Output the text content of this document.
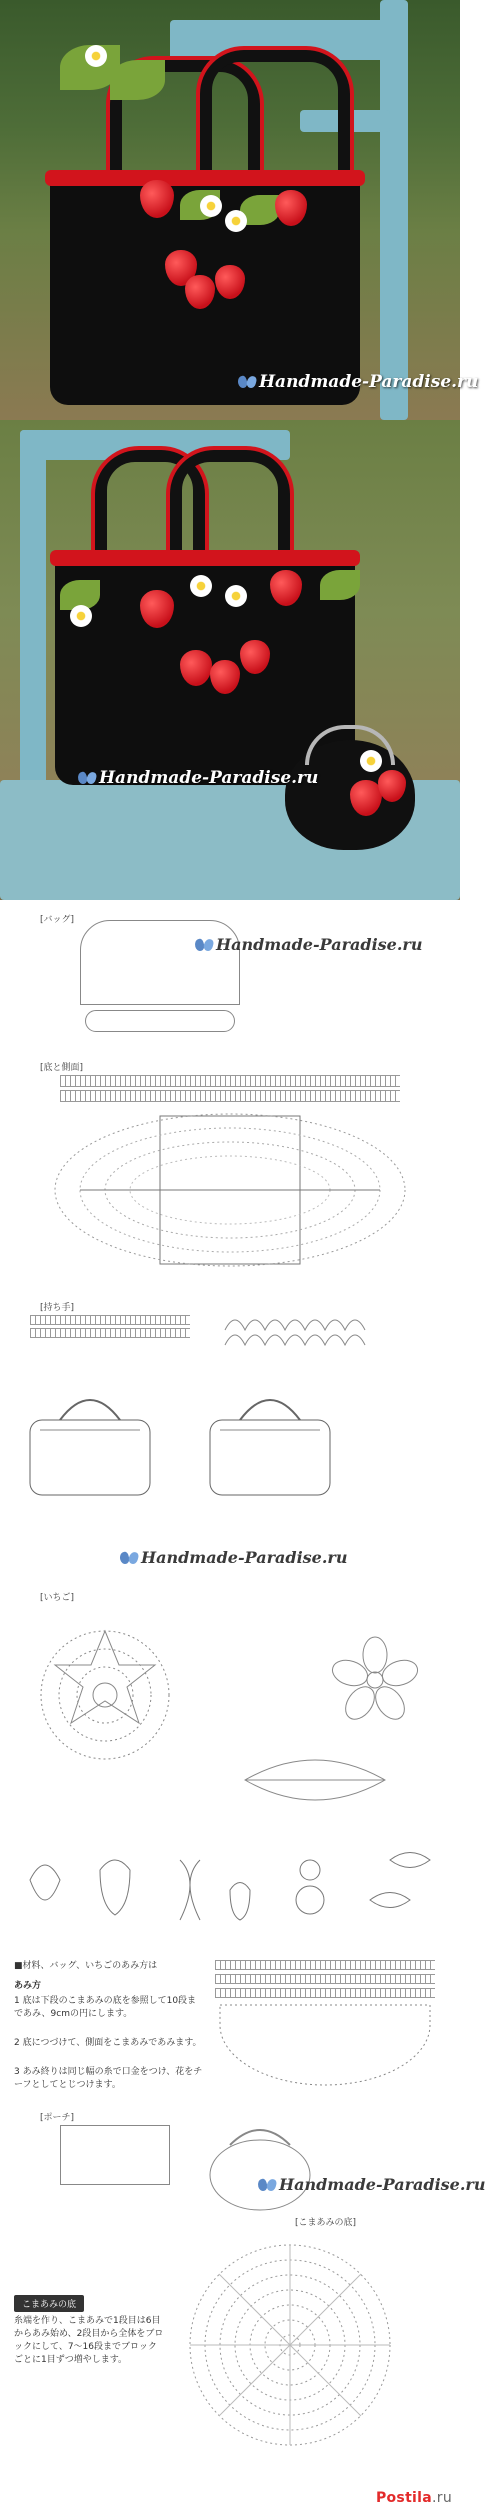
Handmade-Paradise.ru
Handmade-Paradise.ru
[バッグ]
Handmade-Paradise.ru
[底と側面]
[持ち手]
Handmade-Paradise.ru
[いちご]
■材料、バッグ、いちごのあみ方は
あみ方
1 底は下段のこまあみの底を参照して10段まであみ、9cmの円にします。
2 底につづけて、側面をこまあみであみます。
3 あみ終りは同じ幅の糸で口金をつけ、花をチーフとしてとじつけます。
[ポーチ]
Handmade-Paradise.ru
こまあみの底
糸端を作り、こまあみで1段目は6目からあみ始め、2段目から全体をブロックにして、7〜16段までブロックごとに1目ずつ増やします。
[こまあみの底]
Postila.ru
